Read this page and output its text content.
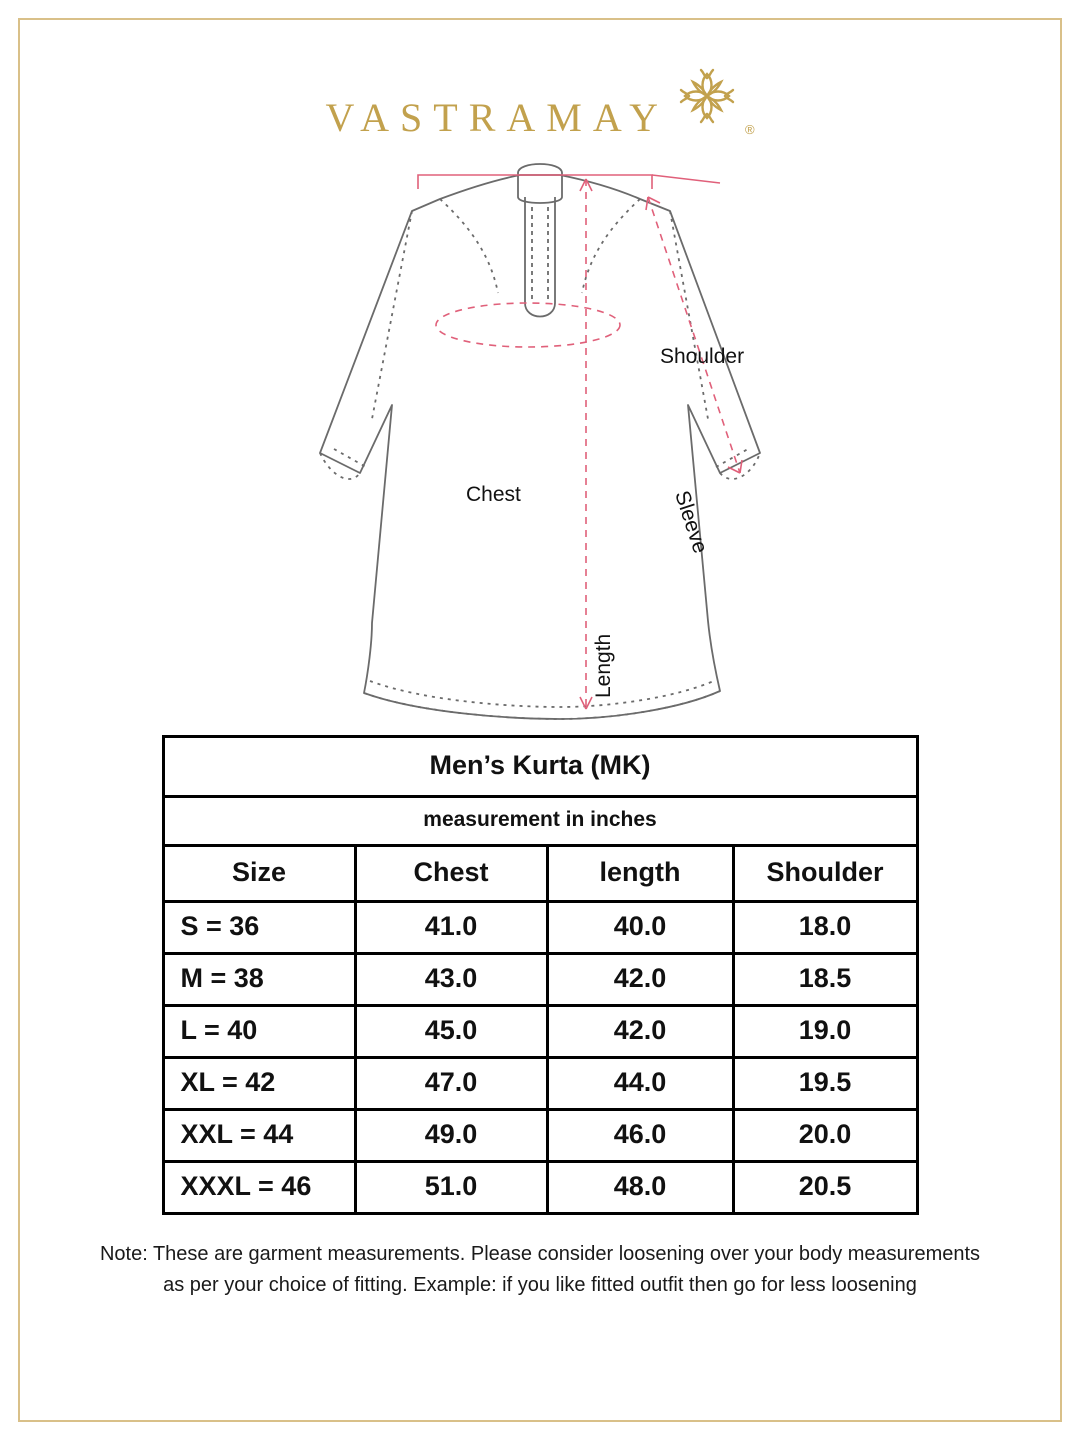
VASTRAMAY	®
Shoulder
Chest	Sleeve
Length
Men’s Kurta (MK)			
measurement in inches			
Size	Chest	length	Shoulder
S = 36	41.0	40.0	18.0
M = 38	43.0	42.0	18.5
L = 40	45.0	42.0	19.0
XL = 42	47.0	44.0	19.5
XXL = 44	49.0	46.0	20.0
XXXL = 46	51.0	48.0	20.5
Note: These are garment measurements. Please consider loosening over your body measurements
as per your choice of fitting. Example: if you like fitted outfit then go for less loosening
